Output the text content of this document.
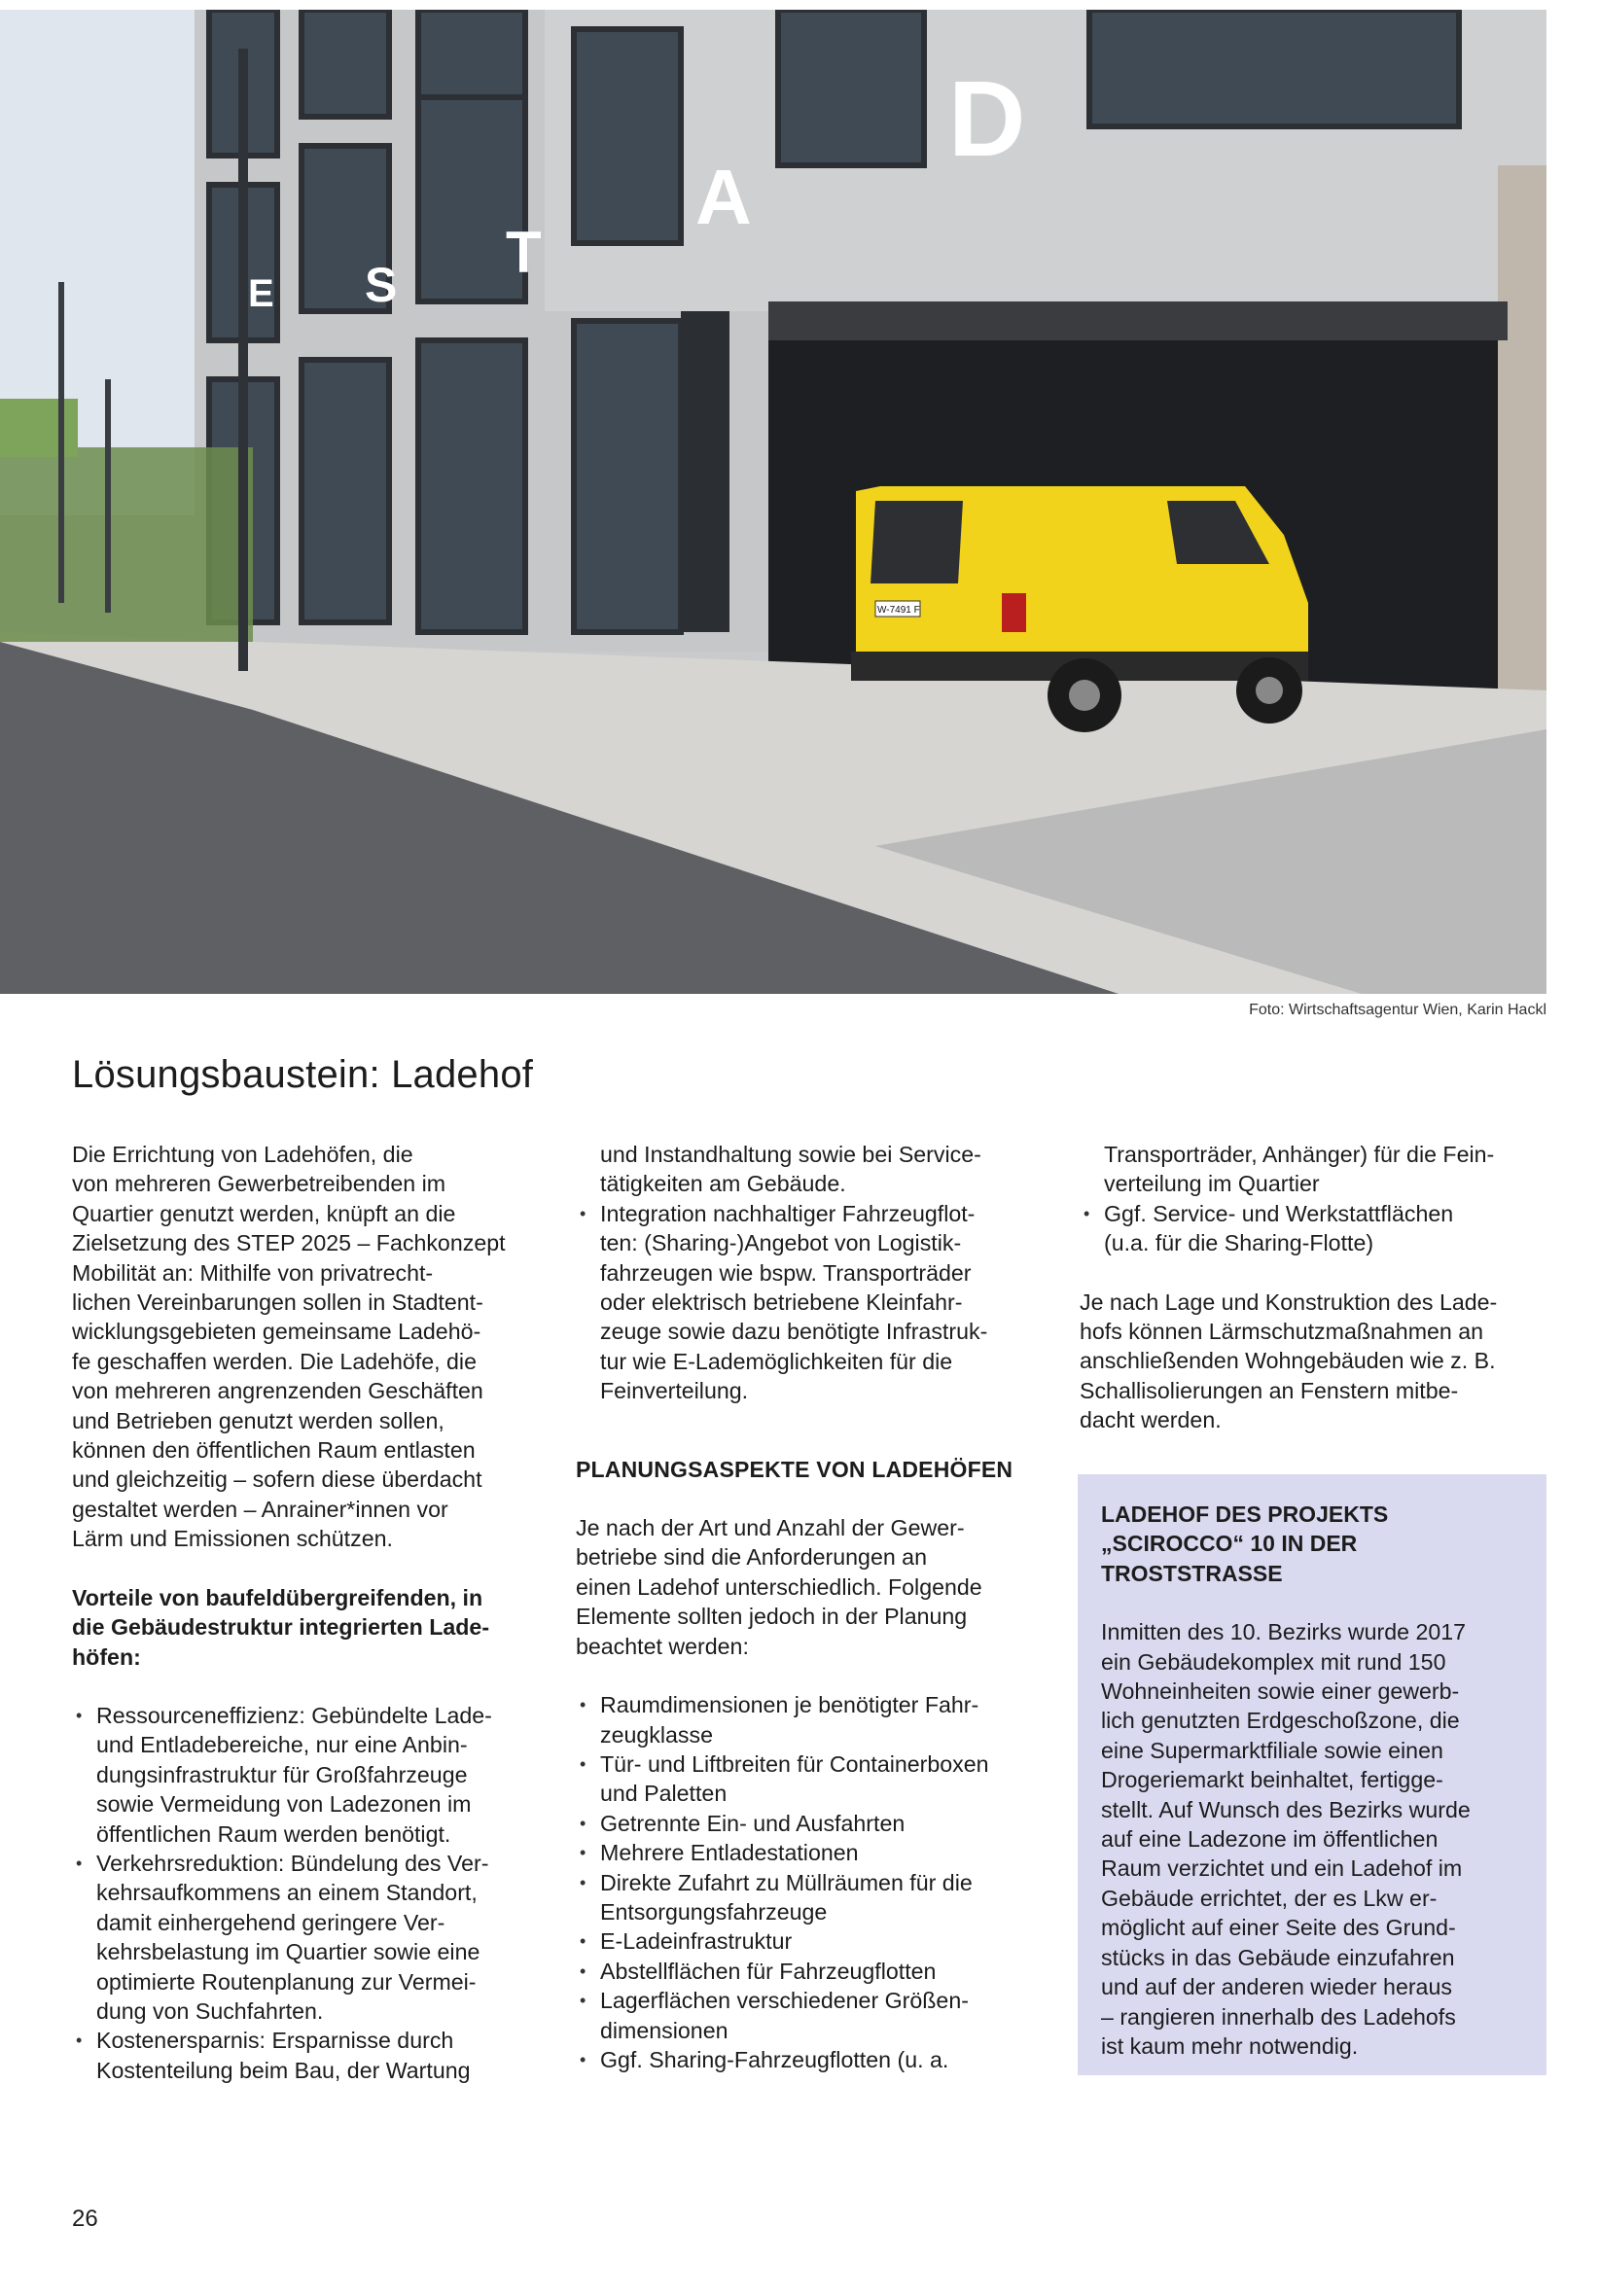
D
A
T
S
E
W-7491 F
Foto: Wirtschaftsagentur Wien, Karin Hackl
Lösungsbaustein: Ladehof
Die Errichtung von Ladehöfen, die
von mehreren Gewerbetreibenden im
Quartier genutzt werden, knüpft an die
Zielsetzung des STEP 2025 – Fachkonzept
Mobilität an: Mithilfe von privatrecht-
lichen Vereinbarungen sollen in Stadtent-
wicklungsgebieten gemeinsame Ladehö-
fe geschaffen werden. Die Ladehöfe, die
von mehreren angrenzenden Geschäften
und Betrieben genutzt werden sollen,
können den öffentlichen Raum entlasten
und gleichzeitig – sofern diese überdacht
gestaltet werden – Anrainer*innen vor
Lärm und Emissionen schützen.
Vorteile von baufeldübergreifenden, in
die Gebäudestruktur integrierten Lade-
höfen:
• Ressourceneffizienz: Gebündelte Lade-
und Entladebereiche, nur eine Anbin-
dungsinfrastruktur für Großfahrzeuge
sowie Vermeidung von Ladezonen im
öffentlichen Raum werden benötigt.
• Verkehrsreduktion: Bündelung des Ver-
kehrsaufkommens an einem Standort,
damit einhergehend geringere Ver-
kehrsbelastung im Quartier sowie eine
optimierte Routenplanung zur Vermei-
dung von Suchfahrten.
• Kostenersparnis: Ersparnisse durch
Kostenteilung beim Bau, der Wartung
und Instandhaltung sowie bei Service-
tätigkeiten am Gebäude.
• Integration nachhaltiger Fahrzeugflot-
ten: (Sharing-)Angebot von Logistik-
fahrzeugen wie bspw. Transporträder
oder elektrisch betriebene Kleinfahr-
zeuge sowie dazu benötigte Infrastruk-
tur wie E-Lademöglichkeiten für die
Feinverteilung.

PLANUNGSASPEKTE VON LADEHÖFEN

Je nach der Art und Anzahl der Gewer-
betriebe sind die Anforderungen an
einen Ladehof unterschiedlich. Folgende
Elemente sollten jedoch in der Planung
beachtet werden:
• Raumdimensionen je benötigter Fahr-
zeugklasse
• Tür- und Liftbreiten für Containerboxen
und Paletten
• Getrennte Ein- und Ausfahrten
• Mehrere Entladestationen
• Direkte Zufahrt zu Müllräumen für die
Entsorgungsfahrzeuge
• E-Ladeinfrastruktur
• Abstellflächen für Fahrzeugflotten
• Lagerflächen verschiedener Größen-
dimensionen
• Ggf. Sharing-Fahrzeugflotten (u. a.
Transporträder, Anhänger) für die Fein-
verteilung im Quartier
• Ggf. Service- und Werkstattflächen
(u.a. für die Sharing-Flotte)
Je nach Lage und Konstruktion des Lade-
hofs können Lärmschutzmaßnahmen an
anschließenden Wohngebäuden wie z. B.
Schallisolierungen an Fenstern mitbe-
dacht werden.
LADEHOF DES PROJEKTS
„SCIROCCO“ 10 IN DER
TROSTSTRASSE

Inmitten des 10. Bezirks wurde 2017
ein Gebäudekomplex mit rund 150
Wohneinheiten sowie einer gewerb-
lich genutzten Erdgeschoßzone, die
eine Supermarktfiliale sowie einen
Drogeriemarkt beinhaltet, fertigge-
stellt. Auf Wunsch des Bezirks wurde
auf eine Ladezone im öffentlichen
Raum verzichtet und ein Ladehof im
Gebäude errichtet, der es Lkw er-
möglicht auf einer Seite des Grund-
stücks in das Gebäude einzufahren
und auf der anderen wieder heraus
– rangieren innerhalb des Ladehofs
ist kaum mehr notwendig.

26
